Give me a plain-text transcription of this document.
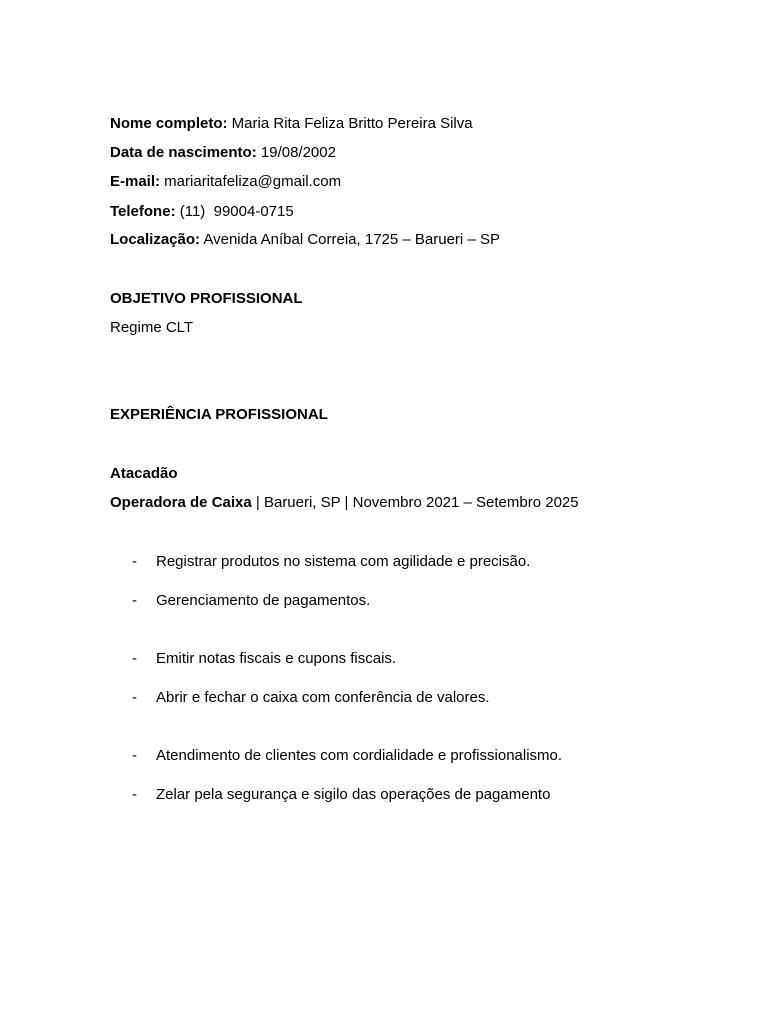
Nome completo: Maria Rita Feliza Britto Pereira Silva
Data de nascimento: 19/08/2002
E-mail: mariaritafeliza@gmail.com
Telefone: (11)  99004-0715
Localização: Avenida Aníbal Correia, 1725 – Barueri – SP
OBJETIVO PROFISSIONAL
Regime CLT
EXPERIÊNCIA PROFISSIONAL
Atacadão
Operadora de Caixa | Barueri, SP | Novembro 2021 – Setembro 2025
- Registrar produtos no sistema com agilidade e precisão.
- Gerenciamento de pagamentos.
- Emitir notas fiscais e cupons fiscais.
- Abrir e fechar o caixa com conferência de valores.
- Atendimento de clientes com cordialidade e profissionalismo.
- Zelar pela segurança e sigilo das operações de pagamento
